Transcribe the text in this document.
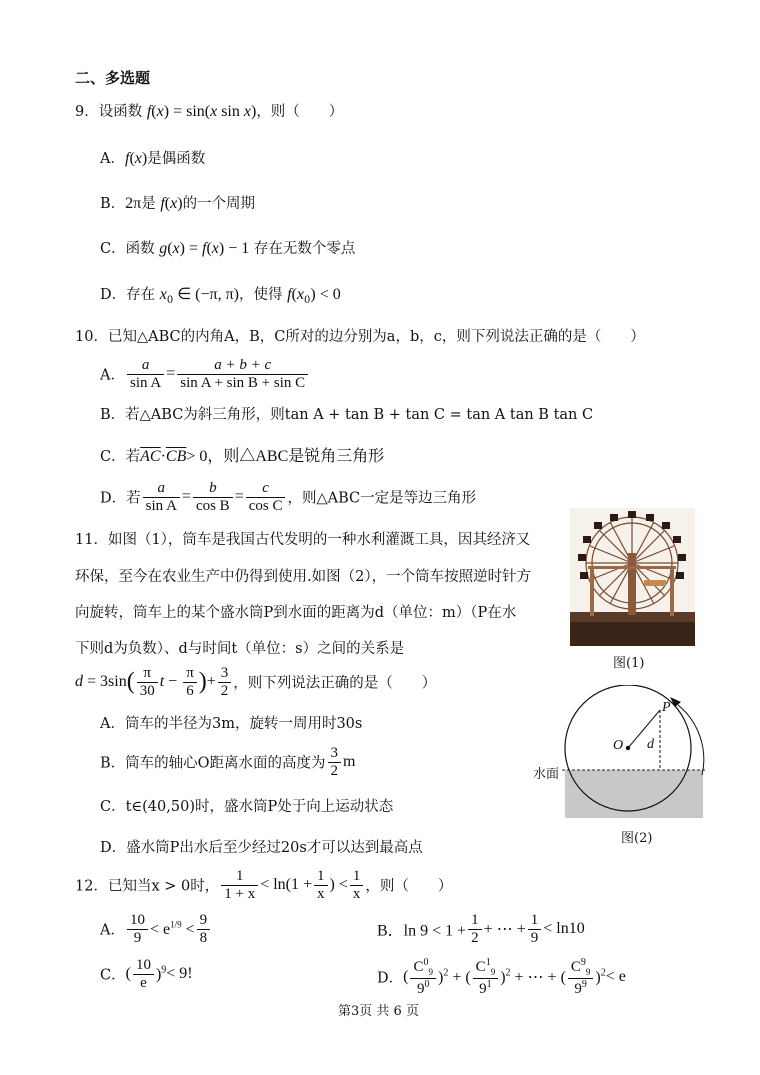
二、多选题
9．设函数 f(x) = sin(x sin x)，则（　　）
A．f(x)是偶函数
B．2π是 f(x)的一个周期
C．函数 g(x) = f(x) − 1 存在无数个零点
D．存在 $x_0$ ∈ (−π, π)，使得 $f(x_0) < 0$
10．已知△ABC的内角A，B，C所对的边分别为a，b，c，则下列说法正确的是（　　）
A． $\frac{a}{\text{sin A}} = \frac{a + b + c}{\text{sin A + sin B + sin C}}$
B．若△ABC为斜三角形，则tan A + tan B + tan C = tan A tan B tan C
C．若$\overline{AC}\cdot\overline{CB}> 0$，则△ABC是锐角三角形
D．若 $\frac{a}{\text{sin A}} = \frac{b}{\text{cos B}} = \frac{c}{\text{cos C}}$ ，则△ABC一定是等边三角形
11．如图（1），筒车是我国古代发明的一种水利灌溉工具，因其经济又
环保，至今在农业生产中仍得到使用.如图（2），一个筒车按照逆时针方
向旋转，筒车上的某个盛水筒P到水面的距离为d（单位：m）（P在水
下则d为负数）、d与时间t（单位：s）之间的关系是
$d = 3\sin( \frac{\pi}{30}$ $t - \frac{\pi}{6}$ )+ $\frac{3}{2}$ ，则下列说法正确的是（　　）
A．筒车的半径为3m，旋转一周用时30s
B．筒车的轴心O距离水面的高度为 $\frac{3}{2}$ m
C．t∈(40,50)时，盛水筒P处于向上运动状态
D．盛水筒P出水后至少经过20s才可以达到最高点
图(1)
水面
P
O d
图(2)
12．已知当x > 0时， $\frac{1}{1 + x} < \ln(1 + \frac{1}{x}$ ) < $\frac{1}{x}$ ，则（　　）
A． $\frac{10}{9} < e^{1/9} < \frac{9}{8}$	B．$\ln 9 < 1 + \frac{1}{2}$ + ⋯ + $\frac{1}{9} < \ln 10$
C．( $\frac{10}{e} )^9< 9$!	D．( $\frac{C^0_9}{9^0} )^2$ + ( $\frac{C^1_9}{9^1} )^2$ + ⋯ + ( $\frac{C^9_9}{9^9} )^2< e$
第3页 共 6 页
